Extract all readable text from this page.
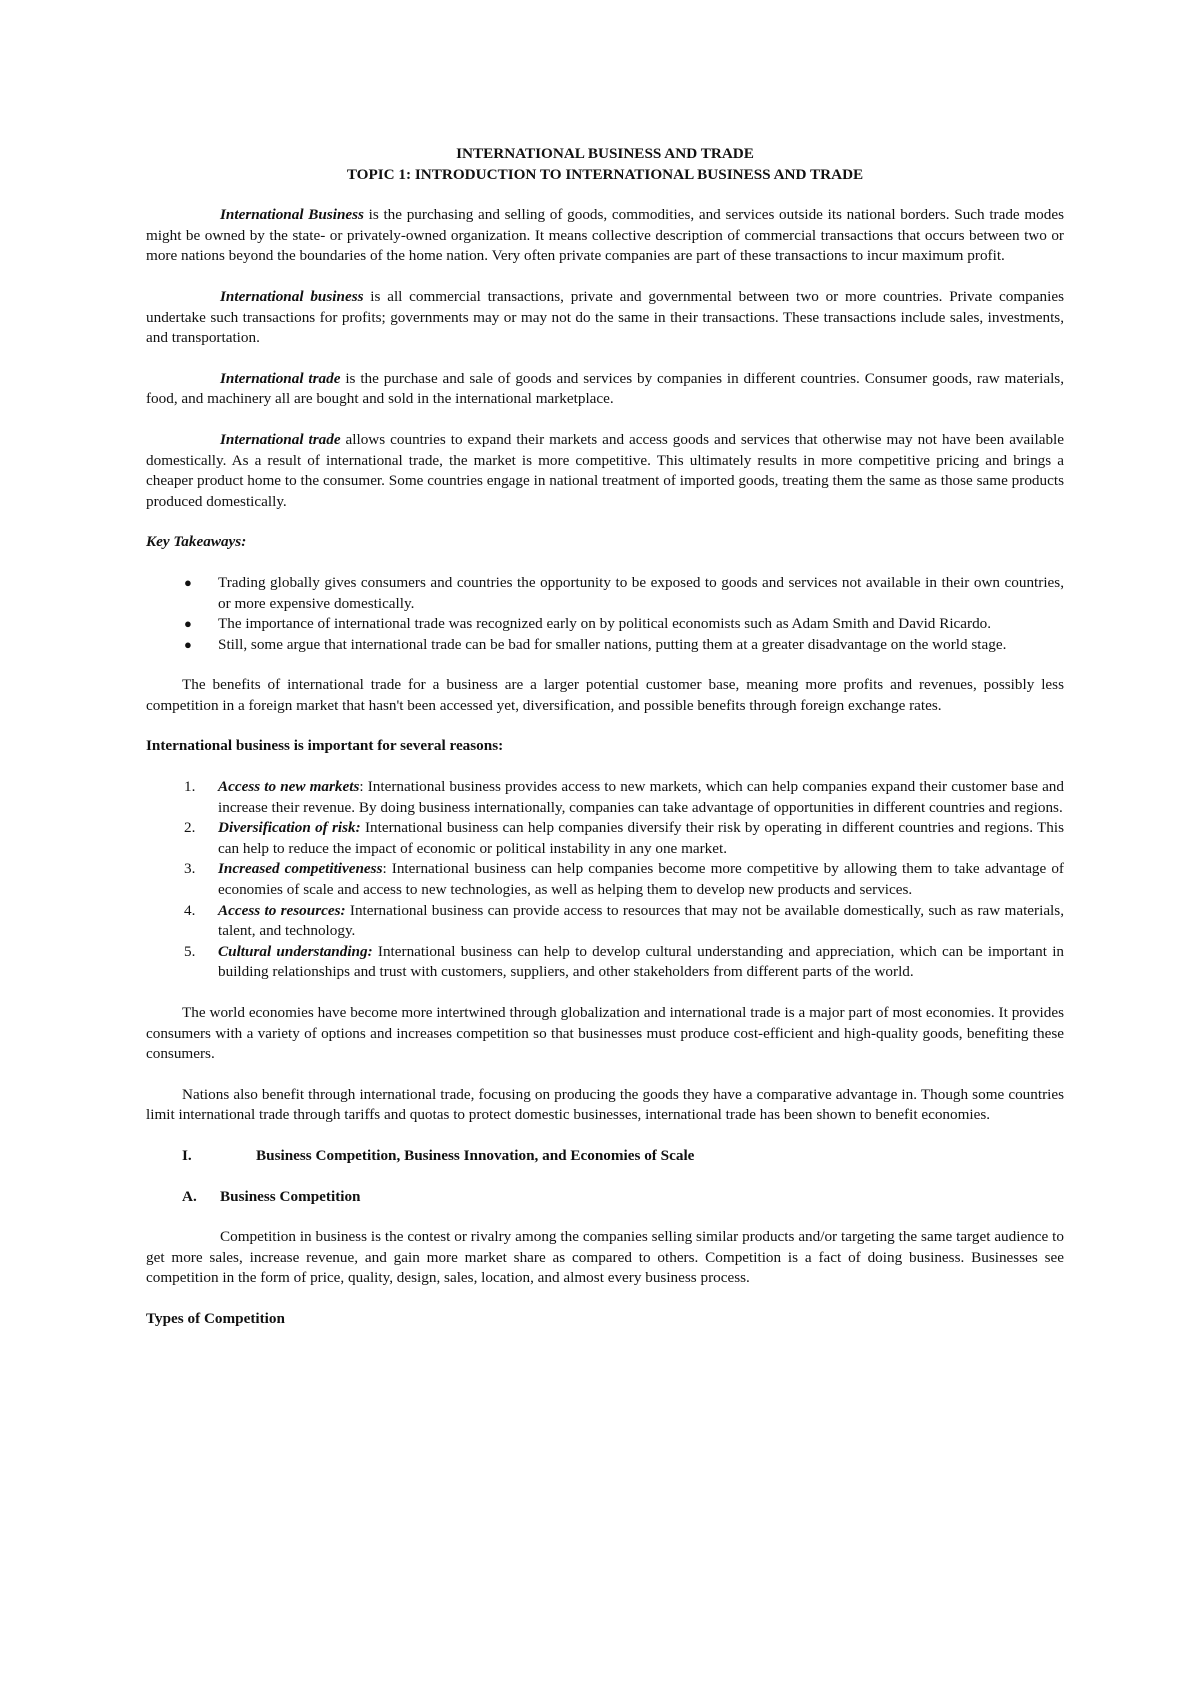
INTERNATIONAL BUSINESS AND TRADE

TOPIC 1: INTRODUCTION TO INTERNATIONAL BUSINESS AND TRADE

International Business is the purchasing and selling of goods, commodities, and services outside its national borders. Such trade modes might be owned by the state- or privately-owned organization. It means collective description of commercial transactions that occurs between two or more nations beyond the boundaries of the home nation. Very often private companies are part of these transactions to incur maximum profit.

International business is all commercial transactions, private and governmental between two or more countries. Private companies undertake such transactions for profits; governments may or may not do the same in their transactions. These transactions include sales, investments, and transportation.

International trade is the purchase and sale of goods and services by companies in different countries. Consumer goods, raw materials, food, and machinery all are bought and sold in the international marketplace.

International trade allows countries to expand their markets and access goods and services that otherwise may not have been available domestically. As a result of international trade, the market is more competitive. This ultimately results in more competitive pricing and brings a cheaper product home to the consumer. Some countries engage in national treatment of imported goods, treating them the same as those same products produced domestically.

Key Takeaways:

● Trading globally gives consumers and countries the opportunity to be exposed to goods and services not available in their own countries, or more expensive domestically.
● The importance of international trade was recognized early on by political economists such as Adam Smith and David Ricardo.
● Still, some argue that international trade can be bad for smaller nations, putting them at a greater disadvantage on the world stage.

The benefits of international trade for a business are a larger potential customer base, meaning more profits and revenues, possibly less competition in a foreign market that hasn't been accessed yet, diversification, and possible benefits through foreign exchange rates.

International business is important for several reasons:

1. Access to new markets: International business provides access to new markets, which can help companies expand their customer base and increase their revenue. By doing business internationally, companies can take advantage of opportunities in different countries and regions.
2. Diversification of risk: International business can help companies diversify their risk by operating in different countries and regions. This can help to reduce the impact of economic or political instability in any one market.
3. Increased competitiveness: International business can help companies become more competitive by allowing them to take advantage of economies of scale and access to new technologies, as well as helping them to develop new products and services.
4. Access to resources: International business can provide access to resources that may not be available domestically, such as raw materials, talent, and technology.
5. Cultural understanding: International business can help to develop cultural understanding and appreciation, which can be important in building relationships and trust with customers, suppliers, and other stakeholders from different parts of the world.

The world economies have become more intertwined through globalization and international trade is a major part of most economies. It provides consumers with a variety of options and increases competition so that businesses must produce cost-efficient and high-quality goods, benefiting these consumers.

Nations also benefit through international trade, focusing on producing the goods they have a comparative advantage in. Though some countries limit international trade through tariffs and quotas to protect domestic businesses, international trade has been shown to benefit economies.

I.	Business Competition, Business Innovation, and Economies of Scale
A. Business Competition

Competition in business is the contest or rivalry among the companies selling similar products and/or targeting the same target audience to get more sales, increase revenue, and gain more market share as compared to others. Competition is a fact of doing business. Businesses see competition in the form of price, quality, design, sales, location, and almost every business process.

Types of Competition
